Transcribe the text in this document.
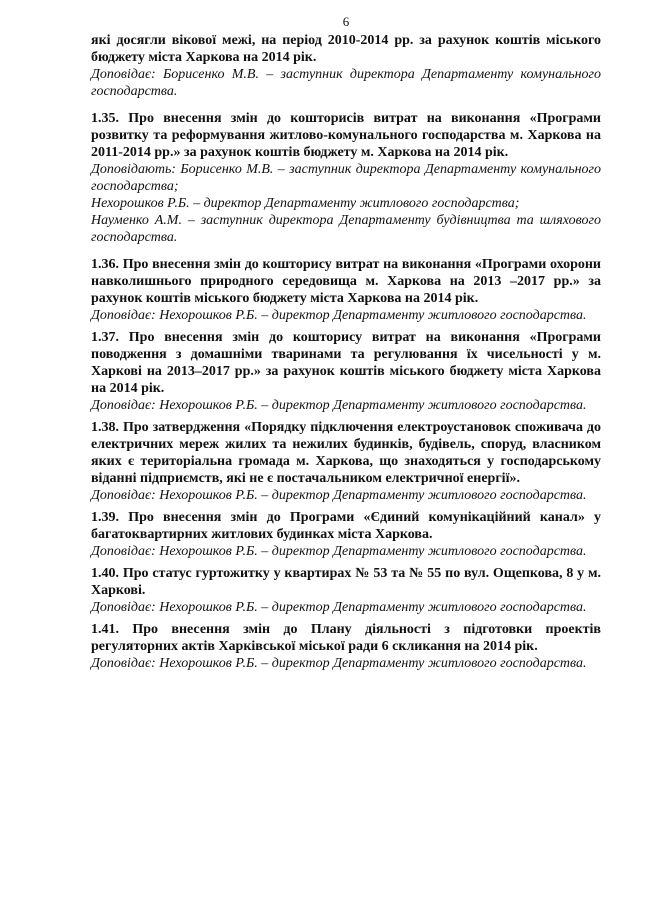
6
які досягли вікової межі, на період 2010-2014 рр. за рахунок коштів міського бюджету міста Харкова на 2014 рік.
Доповідає: Борисенко М.В. – заступник директора Департаменту комунального господарства.
1.35. Про внесення змін до кошторисів витрат на виконання «Програми розвитку та реформування житлово-комунального господарства м. Харкова на 2011-2014 рр.» за рахунок коштів бюджету м. Харкова на 2014 рік.
Доповідають: Борисенко М.В. – заступник директора Департаменту комунального господарства;
Нехорошков Р.Б. – директор Департаменту житлового господарства;
Науменко А.М. – заступник директора Департаменту будівництва та шляхового господарства.
1.36. Про внесення змін до кошторису витрат на виконання «Програми охорони навколишнього природного середовища м. Харкова на 2013 –2017 рр.» за рахунок коштів міського бюджету міста Харкова на 2014 рік.
Доповідає: Нехорошков Р.Б. – директор Департаменту житлового господарства.
1.37. Про внесення змін до кошторису витрат на виконання «Програми поводження з домашніми тваринами та регулювання їх чисельності у м. Харкові на 2013–2017 рр.» за рахунок коштів міського бюджету міста Харкова на 2014 рік.
Доповідає: Нехорошков Р.Б. – директор Департаменту житлового господарства.
1.38. Про затвердження «Порядку підключення електроустановок споживача до електричних мереж жилих та нежилих будинків, будівель, споруд, власником яких є територіальна громада м. Харкова, що знаходяться у господарському віданні підприємств, які не є постачальником електричної енергії».
Доповідає: Нехорошков Р.Б. – директор Департаменту житлового господарства.
1.39. Про внесення змін до Програми «Єдиний комунікаційний канал» у багатоквартирних житлових будинках міста Харкова.
Доповідає: Нехорошков Р.Б. – директор Департаменту житлового господарства.
1.40. Про статус гуртожитку у квартирах № 53 та № 55 по вул. Ощепкова, 8 у м. Харкові.
Доповідає: Нехорошков Р.Б. – директор Департаменту житлового господарства.
1.41. Про внесення змін до Плану діяльності з підготовки проектів регуляторних актів Харківської міської ради 6 скликання на 2014 рік.
Доповідає: Нехорошков Р.Б. – директор Департаменту житлового господарства.
